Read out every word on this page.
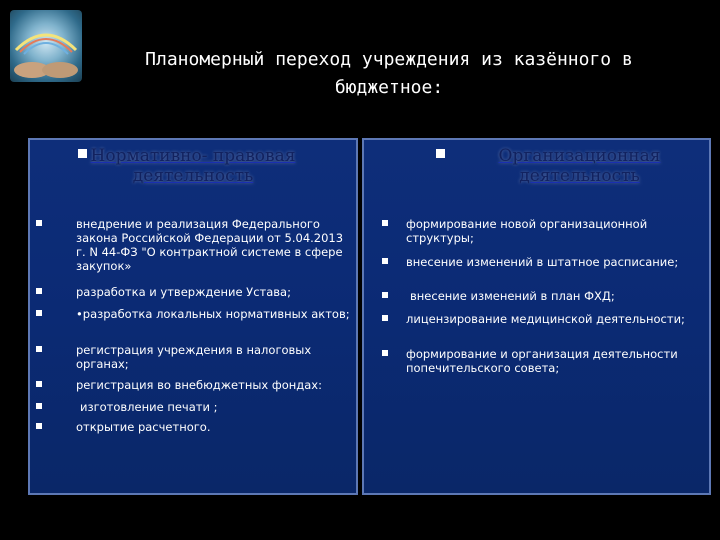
Планомерный переход учреждения из казённого в
бюджетное:
Нормативно- правовая
деятельность
внедрение и реализация Федерального закона Российской Федерации от 5.04.2013 г. N 44-ФЗ "О контрактной системе в сфере закупок»
разработка и утверждение Устава;
•разработка локальных нормативных актов;
регистрация учреждения в налоговых органах;
регистрация во внебюджетных фондах:
изготовление печати ;
открытие расчетного.
Организационная
деятельность
формирование новой организационной структуры;
внесение изменений в штатное расписание;
внесение изменений в план ФХД;
лицензирование медицинской деятельности;
формирование и организация деятельности попечительского совета;
